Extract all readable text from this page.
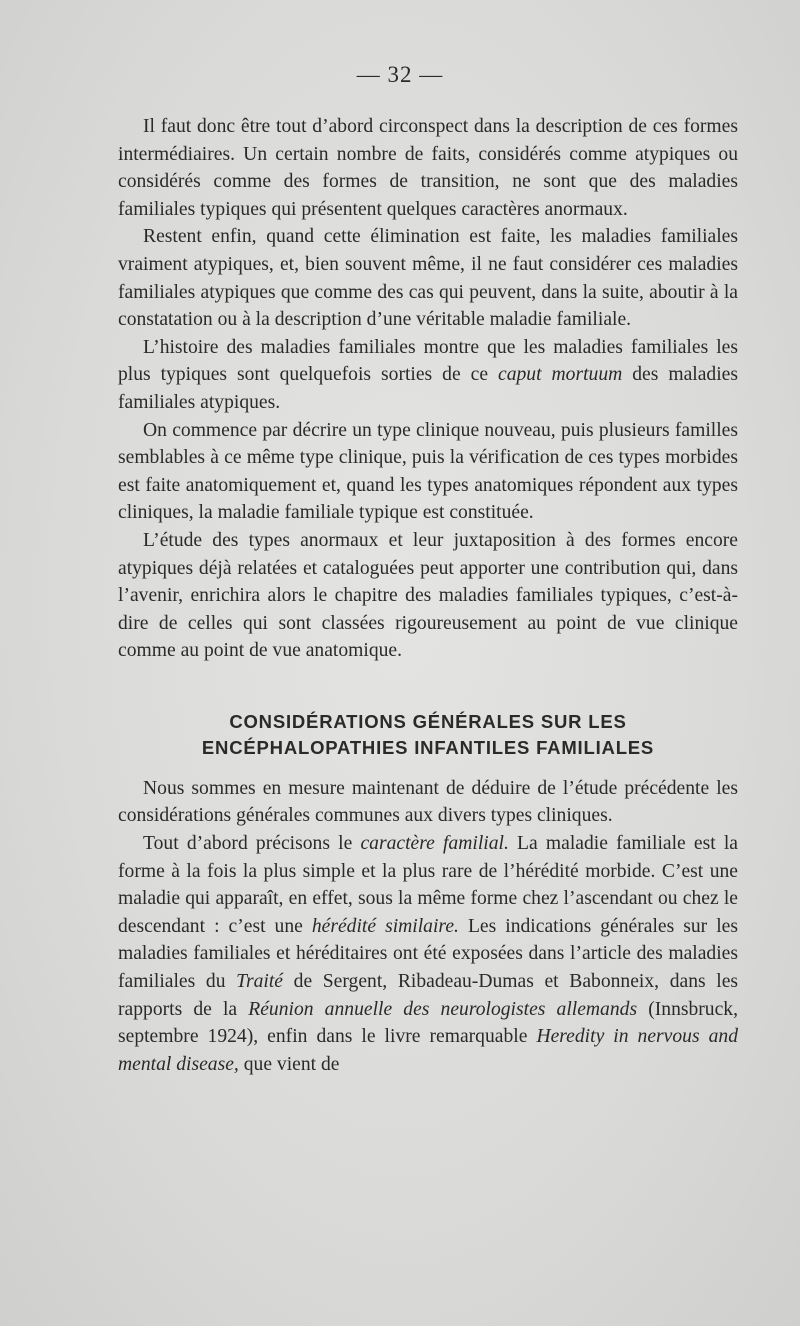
— 32 —

Il faut donc être tout d’abord circonspect dans la description de ces formes intermédiaires. Un certain nombre de faits, considérés comme atypiques ou considérés comme des formes de transition, ne sont que des maladies familiales typiques qui présentent quelques caractères anormaux.

Restent enfin, quand cette élimination est faite, les maladies familiales vraiment atypiques, et, bien souvent même, il ne faut considérer ces maladies familiales atypiques que comme des cas qui peuvent, dans la suite, aboutir à la constatation ou à la description d’une véritable maladie familiale.

L’histoire des maladies familiales montre que les maladies familiales les plus typiques sont quelquefois sorties de ce caput mortuum des maladies familiales atypiques.

On commence par décrire un type clinique nouveau, puis plusieurs familles semblables à ce même type clinique, puis la vérification de ces types morbides est faite anatomiquement et, quand les types anatomiques répondent aux types cliniques, la maladie familiale typique est constituée.

L’étude des types anormaux et leur juxtaposition à des formes encore atypiques déjà relatées et cataloguées peut apporter une contribution qui, dans l’avenir, enrichira alors le chapitre des maladies familiales typiques, c’est-à-dire de celles qui sont classées rigoureusement au point de vue clinique comme au point de vue anatomique.

CONSIDÉRATIONS GÉNÉRALES SUR LES
ENCÉPHALOPATHIES INFANTILES FAMILIALES

Nous sommes en mesure maintenant de déduire de l’étude précédente les considérations générales communes aux divers types cliniques.

Tout d’abord précisons le caractère familial. La maladie familiale est la forme à la fois la plus simple et la plus rare de l’hérédité morbide. C’est une maladie qui apparaît, en effet, sous la même forme chez l’ascendant ou chez le descendant : c’est une hérédité similaire. Les indications générales sur les maladies familiales et héréditaires ont été exposées dans l’article des maladies familiales du Traité de Sergent, Ribadeau-Dumas et Babonneix, dans les rapports de la Réunion annuelle des neurologistes allemands (Innsbruck, septembre 1924), enfin dans le livre remarquable Heredity in nervous and mental disease, que vient de
